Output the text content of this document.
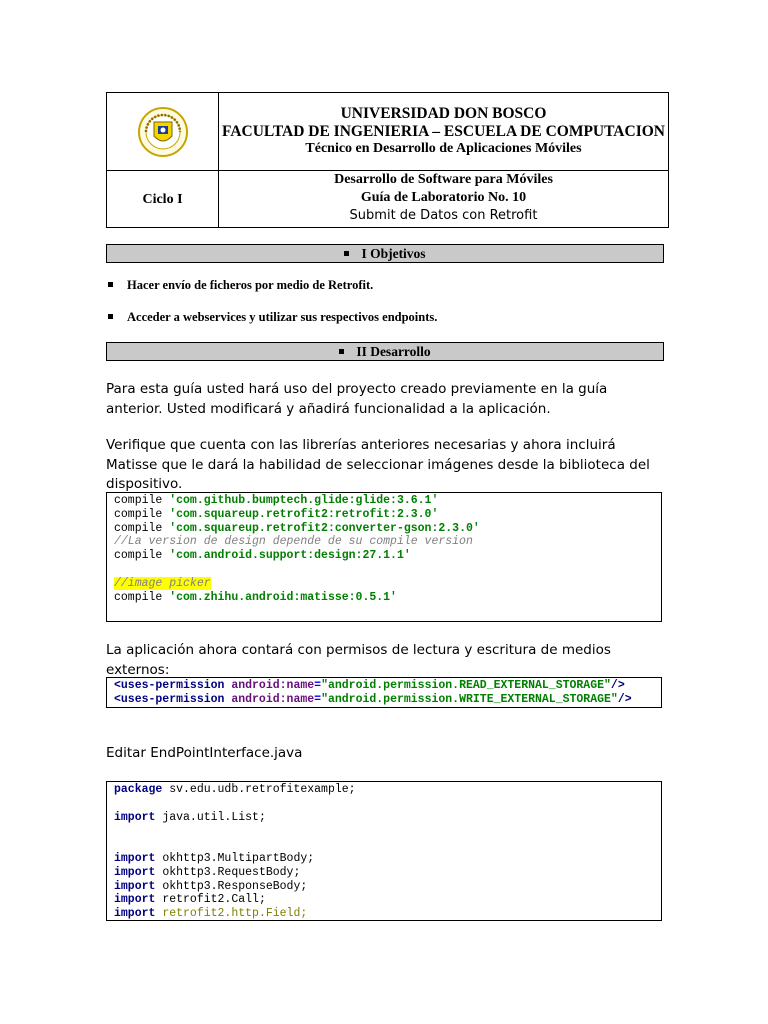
UNIVERSIDAD DON BOSCO
FACULTAD DE INGENIERIA – ESCUELA DE COMPUTACION
Técnico en Desarrollo de Aplicaciones Móviles
Ciclo I
Desarrollo de Software para Móviles
Guía de Laboratorio No. 10
Submit de Datos con Retrofit
I Objetivos
Hacer envío de ficheros por medio de Retrofit.
Acceder a webservices y utilizar sus respectivos endpoints.
II Desarrollo
Para esta guía usted hará uso del proyecto creado previamente en la guía anterior. Usted modificará y añadirá funcionalidad a la aplicación.
Verifique que cuenta con las librerías anteriores necesarias y ahora incluirá Matisse que le dará la habilidad de seleccionar imágenes desde la biblioteca del dispositivo.
compile 'com.github.bumptech.glide:glide:3.6.1'
compile 'com.squareup.retrofit2:retrofit:2.3.0'
compile 'com.squareup.retrofit2:converter-gson:2.3.0'
//La version de design depende de su compile version
compile 'com.android.support:design:27.1.1'
//image picker
compile 'com.zhihu.android:matisse:0.5.1'
La aplicación ahora contará con permisos de lectura y escritura de medios externos:
<uses-permission android:name="android.permission.READ_EXTERNAL_STORAGE"/>
<uses-permission android:name="android.permission.WRITE_EXTERNAL_STORAGE"/>
Editar EndPointInterface.java
package sv.edu.udb.retrofitexample;
import java.util.List;
import okhttp3.MultipartBody;
import okhttp3.RequestBody;
import okhttp3.ResponseBody;
import retrofit2.Call;
import retrofit2.http.Field;
